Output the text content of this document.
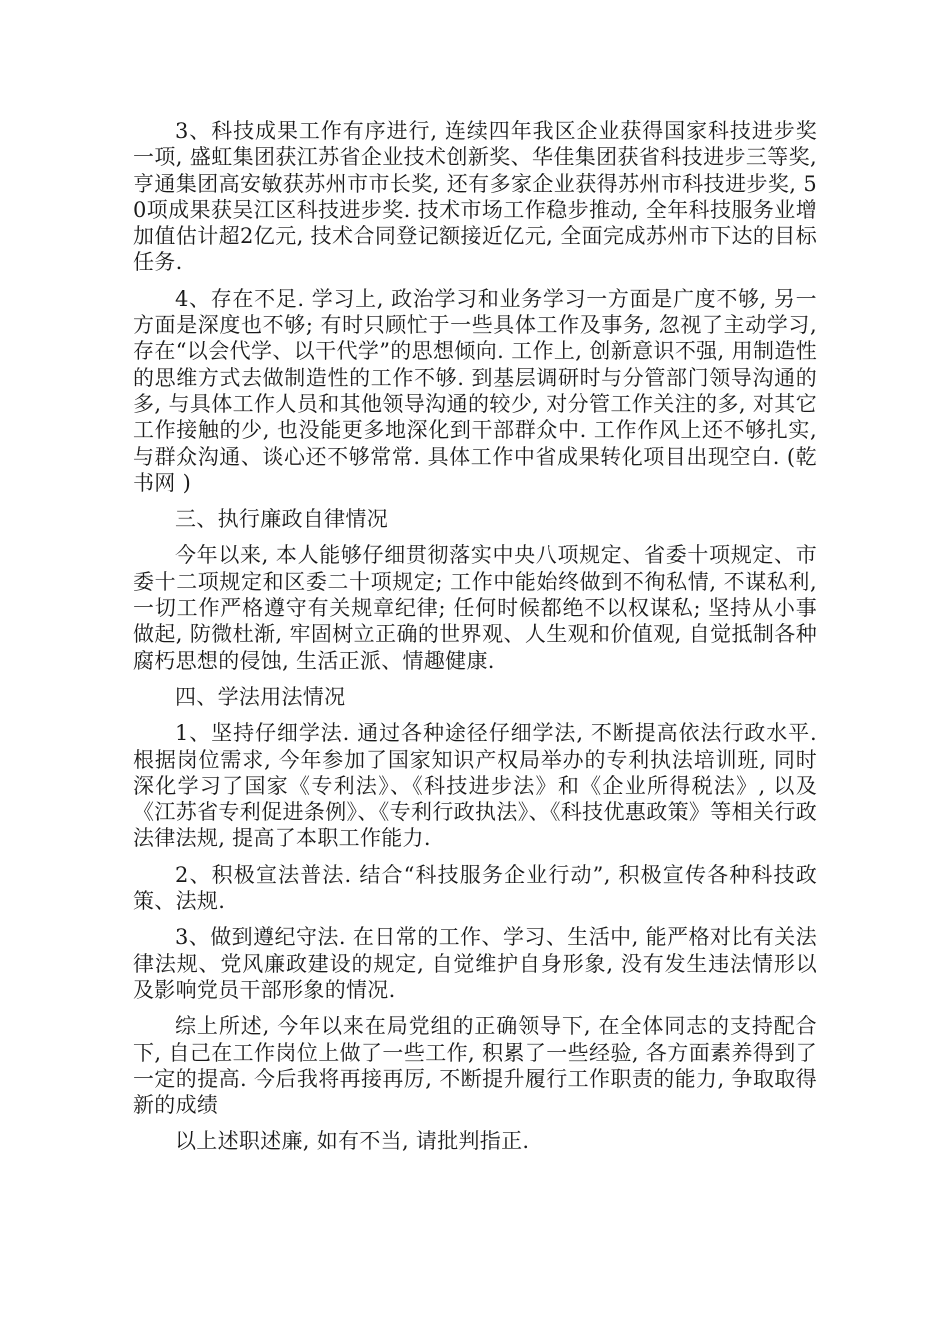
3、科技成果工作有序进行, 连续四年我区企业获得国家科技进步奖一项, 盛虹集团获江苏省企业技术创新奖、华佳集团获省科技进步三等奖, 亨通集团高安敏获苏州市市长奖, 还有多家企业获得苏州市科技进步奖, 50项成果获吴江区科技进步奖. 技术市场工作稳步推动, 全年科技服务业增加值估计超2亿元, 技术合同登记额接近亿元, 全面完成苏州市下达的目标任务.

4、存在不足. 学习上, 政治学习和业务学习一方面是广度不够, 另一方面是深度也不够; 有时只顾忙于一些具体工作及事务, 忽视了主动学习, 存在“以会代学、以干代学”的思想倾向. 工作上, 创新意识不强, 用制造性的思维方式去做制造性的工作不够. 到基层调研时与分管部门领导沟通的多, 与具体工作人员和其他领导沟通的较少, 对分管工作关注的多, 对其它工作接触的少, 也没能更多地深化到干部群众中. 工作作风上还不够扎实, 与群众沟通、谈心还不够常常. 具体工作中省成果转化项目出现空白. (乾书网 )

三、执行廉政自律情况

今年以来, 本人能够仔细贯彻落实中央八项规定、省委十项规定、市委十二项规定和区委二十项规定; 工作中能始终做到不徇私情, 不谋私利, 一切工作严格遵守有关规章纪律; 任何时候都绝不以权谋私; 坚持从小事做起, 防微杜渐, 牢固树立正确的世界观、人生观和价值观, 自觉抵制各种腐朽思想的侵蚀, 生活正派、情趣健康.

四、学法用法情况

1、坚持仔细学法. 通过各种途径仔细学法, 不断提高依法行政水平. 根据岗位需求, 今年参加了国家知识产权局举办的专利执法培训班, 同时深化学习了国家《专利法》、《科技进步法》和《企业所得税法》, 以及《江苏省专利促进条例》、《专利行政执法》、《科技优惠政策》等相关行政法律法规, 提高了本职工作能力.

2、积极宣法普法. 结合“科技服务企业行动”, 积极宣传各种科技政策、法规.

3、做到遵纪守法. 在日常的工作、学习、生活中, 能严格对比有关法律法规、党风廉政建设的规定, 自觉维护自身形象, 没有发生违法情形以及影响党员干部形象的情况.

综上所述, 今年以来在局党组的正确领导下, 在全体同志的支持配合下, 自己在工作岗位上做了一些工作, 积累了一些经验, 各方面素养得到了一定的提高. 今后我将再接再厉, 不断提升履行工作职责的能力, 争取取得新的成绩

以上述职述廉, 如有不当, 请批判指正.
